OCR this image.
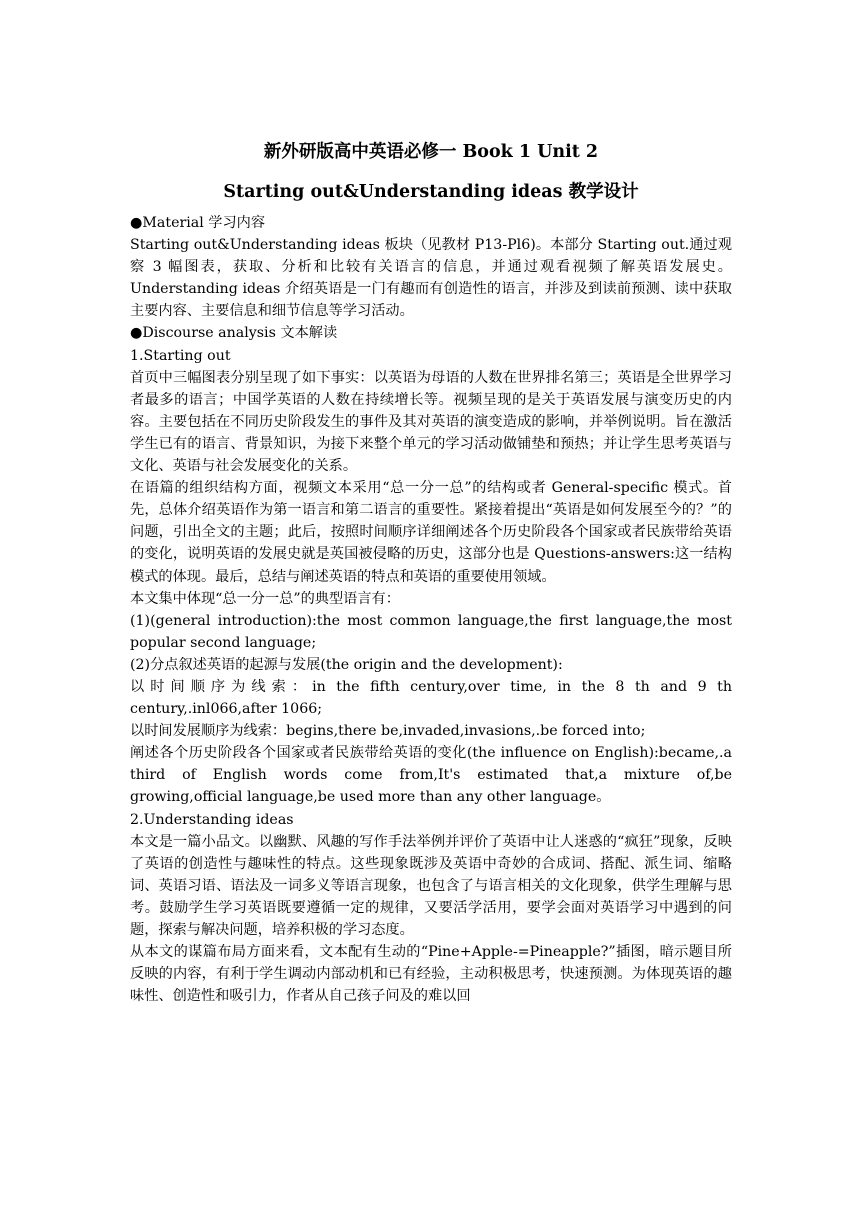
新外研版高中英语必修一 Book 1 Unit 2
Starting out&Understanding ideas 教学设计

●Material 学习内容

Starting out&Understanding ideas 板块（见教材 P13-Pl6)。本部分 Starting out.通过观察 3 幅图表，获取、分析和比较有关语言的信息，并通过观看视频了解英语发展史。Understanding ideas 介绍英语是一门有趣而有创造性的语言，并涉及到读前预测、读中获取主要内容、主要信息和细节信息等学习活动。

●Discourse analysis 文本解读

1.Starting out

首页中三幅图表分别呈现了如下事实：以英语为母语的人数在世界排名第三；英语是全世界学习者最多的语言；中国学英语的人数在持续增长等。视频呈现的是关于英语发展与演变历史的内容。主要包括在不同历史阶段发生的事件及其对英语的演变造成的影响，并举例说明。旨在激活学生已有的语言、背景知识，为接下来整个单元的学习活动做铺垫和预热；并让学生思考英语与文化、英语与社会发展变化的关系。

在语篇的组织结构方面，视频文本采用“总一分一总”的结构或者 General-specific 模式。首先，总体介绍英语作为第一语言和第二语言的重要性。紧接着提出“英语是如何发展至今的？”的问题，引出全文的主题；此后，按照时间顺序详细阐述各个历史阶段各个国家或者民族带给英语的变化，说明英语的发展史就是英国被侵略的历史，这部分也是 Questions-answers:这一结构模式的体现。最后，总结与阐述英语的特点和英语的重要使用领域。

本文集中体现“总一分一总”的典型语言有：

(1)(general introduction):the most common language,the first language,the most popular second language;

(2)分点叙述英语的起源与发展(the origin and the development):

以时间顺序为线索：in the fifth century,over time, in the 8 th and 9 th century,.inl066,after 1066;

以时间发展顺序为线索：begins,there be,invaded,invasions,.be forced into;

阐述各个历史阶段各个国家或者民族带给英语的变化(the influence on English):became,.a third of English words come from,It's estimated that,a mixture of,be growing,official language,be used more than any other language。

2.Understanding ideas

本文是一篇小品文。以幽默、风趣的写作手法举例并评价了英语中让人迷惑的“疯狂”现象，反映了英语的创造性与趣味性的特点。这些现象既涉及英语中奇妙的合成词、搭配、派生词、缩略词、英语习语、语法及一词多义等语言现象，也包含了与语言相关的文化现象，供学生理解与思考。鼓励学生学习英语既要遵循一定的规律，又要活学活用，要学会面对英语学习中遇到的问题，探索与解决问题，培养积极的学习态度。

从本文的谋篇布局方面来看，文本配有生动的“Pine+Apple-=Pineapple?”插图，暗示题目所反映的内容，有利于学生调动内部动机和已有经验，主动积极思考，快速预测。为体现英语的趣味性、创造性和吸引力，作者从自己孩子问及的难以回
